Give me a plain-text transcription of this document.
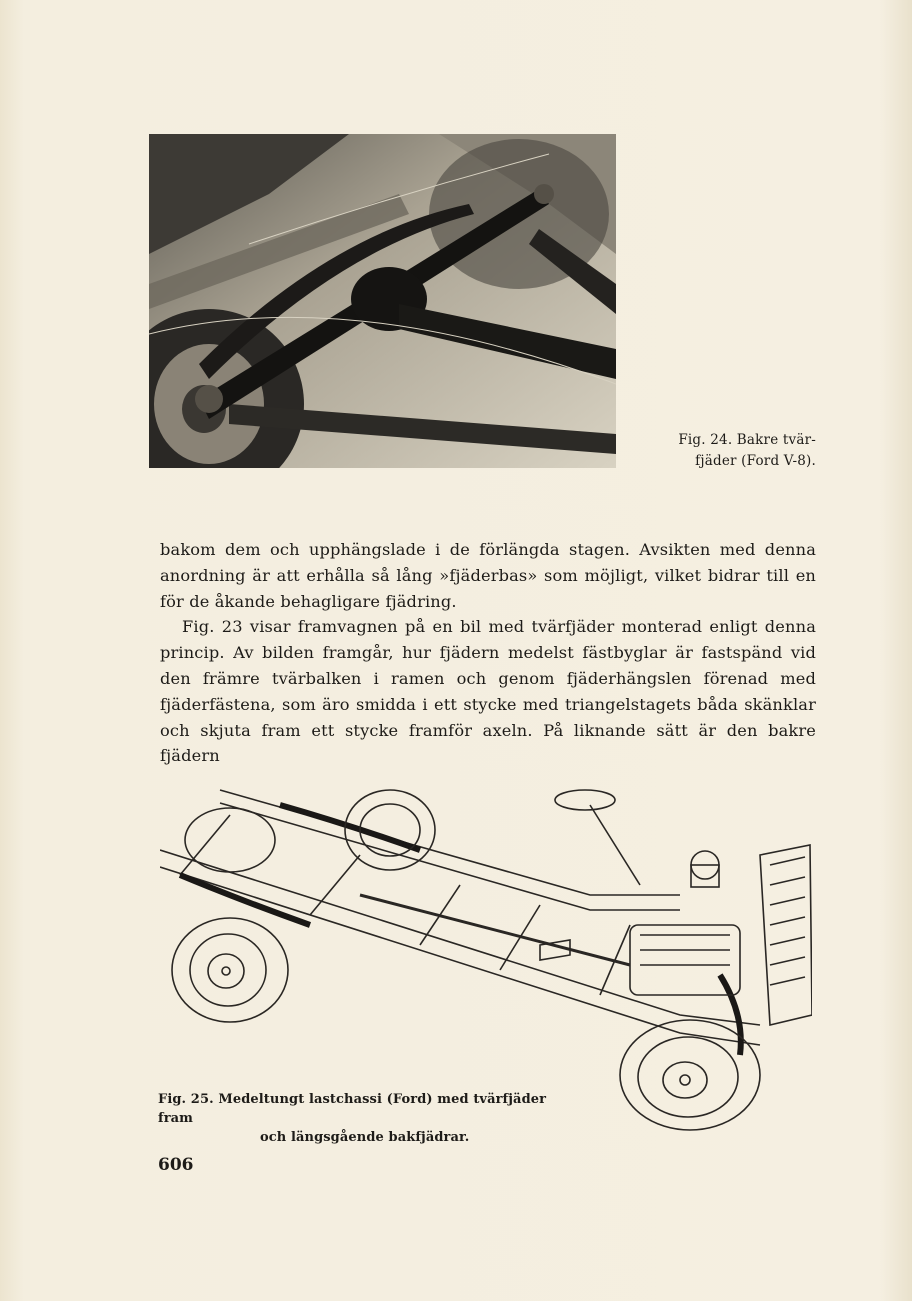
Fig. 24. Bakre tvär-
fjäder (Ford V-8).

bakom dem och upphängslade i de förlängda stagen. Avsikten med denna anordning är att erhålla så lång »fjäderbas» som möjligt, vilket bidrar till en för de åkande behagligare fjädring.

Fig. 23 visar framvagnen på en bil med tvärfjäder monterad enligt denna princip. Av bilden framgår, hur fjädern medelst fästbyglar är fastspänd vid den främre tvärbalken i ramen och genom fjäderhängslen förenad med fjäderfästena, som äro smidda i ett stycke med triangelstagets båda skänklar och skjuta fram ett stycke framför axeln. På liknande sätt är den bakre fjädern

Fig. 25. Medeltungt lastchassi (Ford) med tvärfjäder fram
och längsgående bakfjädrar.
606
